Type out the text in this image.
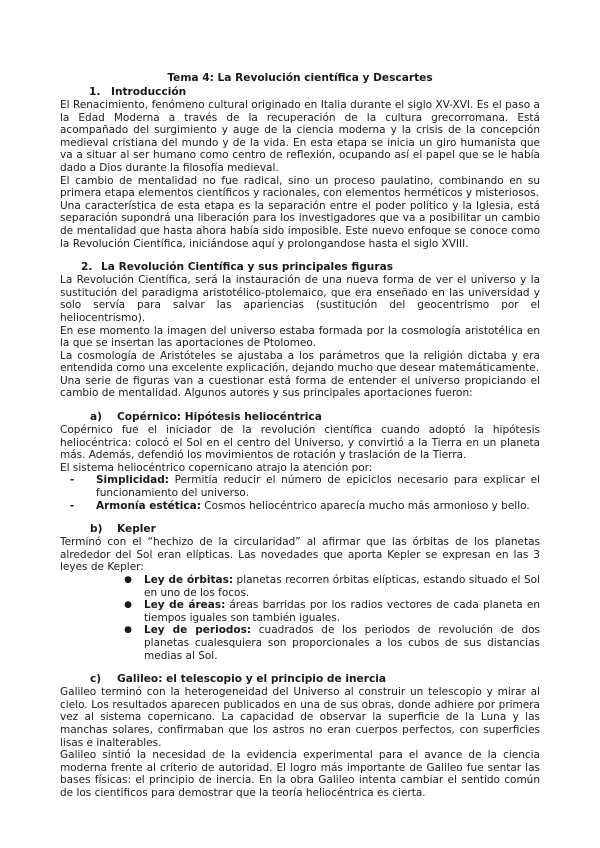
Tema 4: La Revolución científica y Descartes
1. Introducción

El Renacimiento, fenómeno cultural originado en Italia durante el siglo XV-XVI. Es el paso a la Edad Moderna a través de la recuperación de la cultura grecorromana. Está acompañado del surgimiento y auge de la ciencia moderna y la crisis de la concepción medieval cristiana del mundo y de la vida. En esta etapa se inicia un giro humanista que va a situar al ser humano como centro de reflexión, ocupando así el papel que se le había dado a Dios durante la filosofía medieval.

El cambio de mentalidad no fue radical, sino un proceso paulatino, combinando en su primera etapa elementos científicos y racionales, con elementos herméticos y misteriosos.

Una característica de esta etapa es la separación entre el poder político y la Iglesia, está separación supondrá una liberación para los investigadores que va a posibilitar un cambio de mentalidad que hasta ahora había sido imposible. Este nuevo enfoque se conoce como la Revolución Científica, iniciándose aquí y prolongandose hasta el siglo XVIII.

2. La Revolución Científica y sus principales figuras

La Revolución Científica, será la instauración de una nueva forma de ver el universo y la sustitución del paradigma aristotélico-ptolemaico, que era enseñado en las universidad y solo servía para salvar las apariencias (sustitución del geocentrismo por el heliocentrismo).

En ese momento la imagen del universo estaba formada por la cosmología aristotélica en la que se insertan las aportaciones de Ptolomeo.

La cosmología de Aristóteles se ajustaba a los parámetros que la religión dictaba y era entendida como una excelente explicación, dejando mucho que desear matemáticamente.

Una serie de figuras van a cuestionar está forma de entender el universo propiciando el cambio de mentalidad. Algunos autores y sus principales aportaciones fueron:

a) Copérnico: Hipótesis heliocéntrica

Copérnico fue el iniciador de la revolución científica cuando adoptó la hipótesis heliocéntrica: colocó el Sol en el centro del Universo, y convirtió a la Tierra en un planeta más. Además, defendió los movimientos de rotación y traslación de la Tierra.

El sistema heliocéntrico copernicano atrajo la atención por:

-	Simplicidad: Permitía reducir el número de epiciclos necesario para explicar el funcionamiento del universo.
-	Armonía estética: Cosmos heliocéntrico aparecía mucho más armonioso y bello.
b) Kepler

Terminó con el “hechizo de la circularidad” al afirmar que las órbitas de los planetas alrededor del Sol eran elípticas. Las novedades que aporta Kepler se expresan en las 3 leyes de Kepler:

●	Ley de órbitas: planetas recorren órbitas elípticas, estando situado el Sol en uno de los focos.
●	Ley de áreas: áreas barridas por los radios vectores de cada planeta en tiempos iguales son también iguales.
●	Ley de periodos: cuadrados de los periodos de revolución de dos planetas cualesquiera son proporcionales a los cubos de sus distancias medias al Sol.
c) Galileo: el telescopio y el principio de inercia

Galileo terminó con la heterogeneidad del Universo al construir un telescopio y mirar al cielo. Los resultados aparecen publicados en una de sus obras, donde adhiere por primera vez al sistema copernicano. La capacidad de observar la superficie de la Luna y las manchas solares, confirmaban que los astros no eran cuerpos perfectos, con superficies lisas e inalterables.

Galileo sintió la necesidad de la evidencia experimental para el avance de la ciencia moderna frente al criterio de autoridad. El logro más importante de Galileo fue sentar las bases físicas: el principio de inercia. En la obra Galileo intenta cambiar el sentido común de los científicos para demostrar que la teoría heliocéntrica es cierta.
